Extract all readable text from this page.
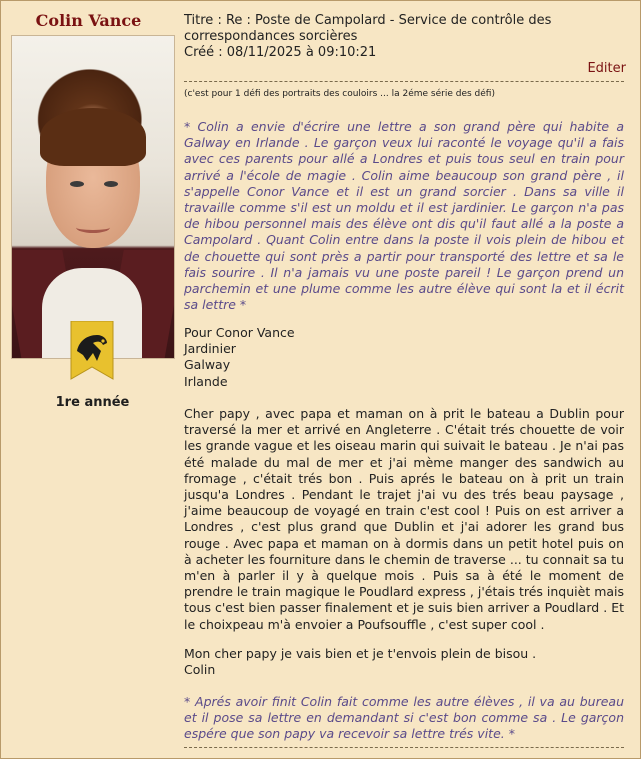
Colin Vance
1re année
Titre : Re : Poste de Campolard - Service de contrôle des correspondances sorcières
Créé : 08/11/2025 à 09:10:21
Editer
(c'est pour 1 défi des portraits des couloirs ... la 2éme série des défi)
* Colin a envie d'écrire une lettre a son grand père qui habite a Galway en Irlande . Le garçon veux lui raconté le voyage qu'il a fais avec ces parents pour allé a Londres et puis tous seul en train pour arrivé a l'école de magie . Colin aime beaucoup son grand père , il s'appelle Conor Vance et il est un grand sorcier . Dans sa ville il travaille comme s'il est un moldu et il est jardinier. Le garçon n'a pas de hibou personnel mais des élève ont dis qu'il faut allé a la poste a Campolard . Quant Colin entre dans la poste il vois plein de hibou et de chouette qui sont près a partir pour transporté des lettre et sa le fais sourire . Il n'a jamais vu une poste pareil ! Le garçon prend un parchemin et une plume comme les autre élève qui sont la et il écrit sa lettre *
Pour Conor Vance
Jardinier
Galway
Irlande
Cher papy , avec papa et maman on à prit le bateau a Dublin pour traversé la mer et arrivé en Angleterre . C'était trés chouette de voir les grande vague et les oiseau marin qui suivait le bateau . Je n'ai pas été malade du mal de mer et j'ai mème manger des sandwich au fromage , c'était trés bon . Puis aprés le bateau on à prit un train jusqu'a Londres . Pendant le trajet j'ai vu des trés beau paysage , j'aime beaucoup de voyagé en train c'est cool ! Puis on est arriver a Londres , c'est plus grand que Dublin et j'ai adorer les grand bus rouge . Avec papa et maman on à dormis dans un petit hotel puis on à acheter les fourniture dans le chemin de traverse ... tu connait sa tu m'en à parler il y à quelque mois . Puis sa à été le moment de prendre le train magique le Poudlard express , j'étais trés inquièt mais tous c'est bien passer finalement et je suis bien arriver a Poudlard . Et le choixpeau m'à envoier a Poufsouffle , c'est super cool .
Mon cher papy je vais bien et je t'envois plein de bisou .
Colin
* Aprés avoir finit Colin fait comme les autre élèves , il va au bureau et il pose sa lettre en demandant si c'est bon comme sa . Le garçon espére que son papy va recevoir sa lettre trés vite. *
